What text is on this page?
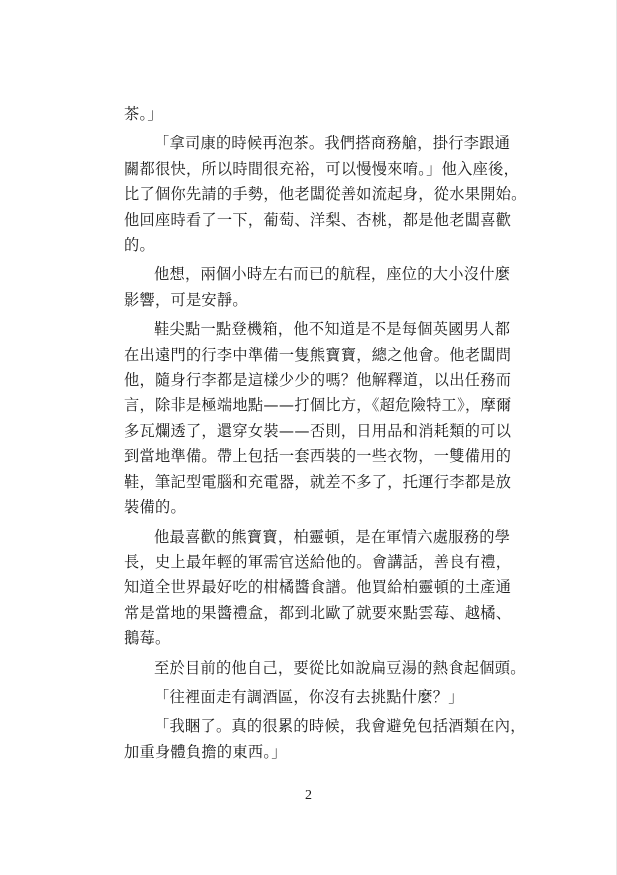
茶。」

「拿司康的時候再泡茶。我們搭商務艙，掛行李跟通
關都很快，所以時間很充裕，可以慢慢來唷。」他入座後，
比了個你先請的手勢，他老闆從善如流起身，從水果開始。
他回座時看了一下，葡萄、洋梨、杏桃，都是他老闆喜歡
的。

他想，兩個小時左右而已的航程，座位的大小沒什麼
影響，可是安靜。

鞋尖點一點登機箱，他不知道是不是每個英國男人都
在出遠門的行李中準備一隻熊寶寶，總之他會。他老闆問
他，隨身行李都是這樣少少的嗎？他解釋道，以出任務而
言，除非是極端地點——打個比方，《超危險特工》，摩爾
多瓦爛透了，還穿女裝——否則，日用品和消耗類的可以
到當地準備。帶上包括一套西裝的一些衣物，一雙備用的
鞋，筆記型電腦和充電器，就差不多了，托運行李都是放
裝備的。

他最喜歡的熊寶寶，柏靈頓，是在軍情六處服務的學
長，史上最年輕的軍需官送給他的。會講話，善良有禮，
知道全世界最好吃的柑橘醬食譜。他買給柏靈頓的土產通
常是當地的果醬禮盒，都到北歐了就要來點雲莓、越橘、
鵝莓。

至於目前的他自己，要從比如說扁豆湯的熱食起個頭。

「往裡面走有調酒區，你沒有去挑點什麼？」

「我睏了。真的很累的時候，我會避免包括酒類在內，
加重身體負擔的東西。」

2
